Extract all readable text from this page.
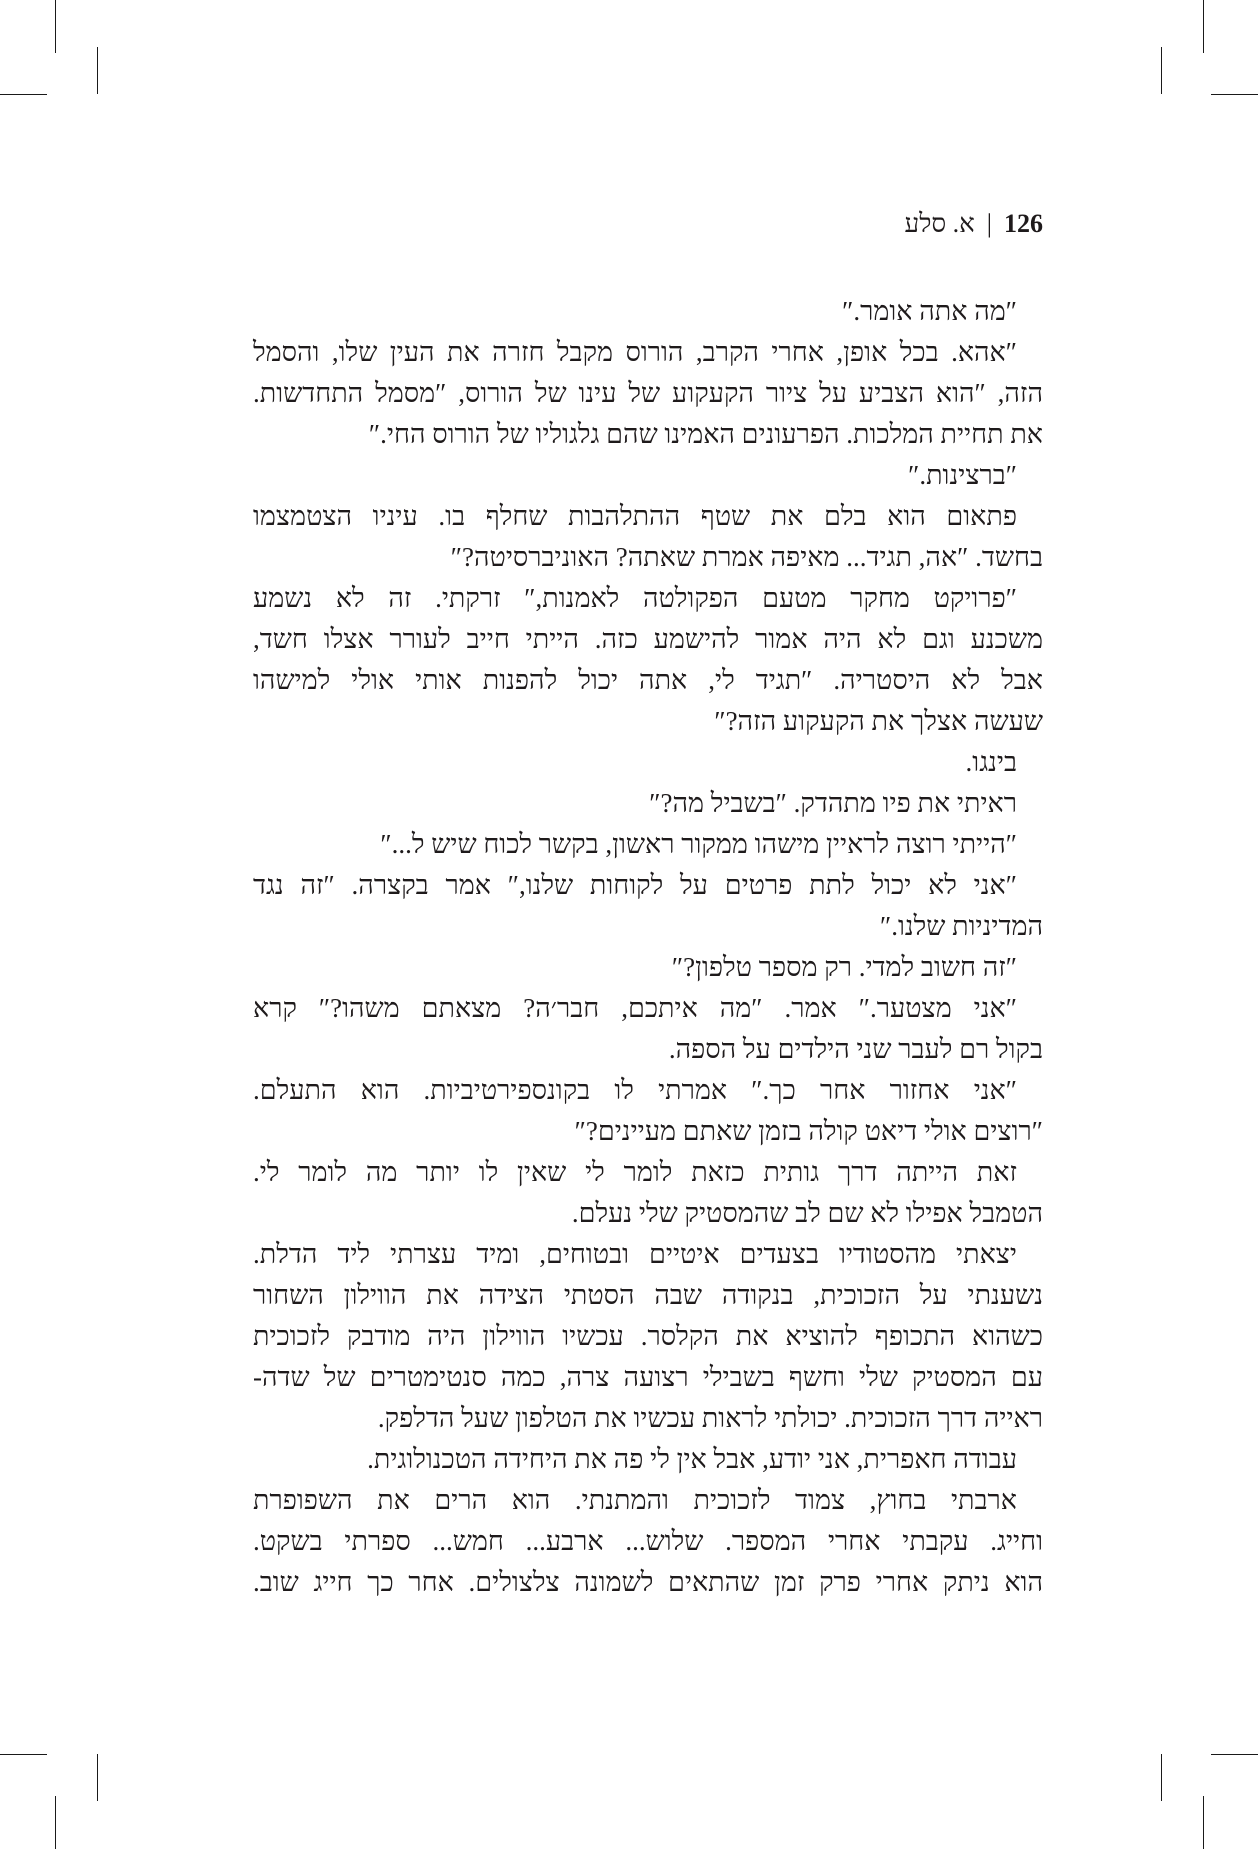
126
|
א. סלע
″מה אתה אומר.″
″אהא. בכל אופן, אחרי הקרב, הורוס מקבל חזרה את העין שלו, והסמל
הזה, ″הוא הצביע על ציור הקעקוע של עינו של הורוס, ″מסמל התחדשות.
את תחיית המלכות. הפרעונים האמינו שהם גלגוליו של הורוס החי.″
″ברצינות.″
פתאום הוא בלם את שטף ההתלהבות שחלף בו. עיניו הצטמצמו
בחשד. ″אה, תגיד... מאיפה אמרת שאתה? האוניברסיטה?″
″פרויקט מחקר מטעם הפקולטה לאמנות,″ זרקתי. זה לא נשמע
משכנע וגם לא היה אמור להישמע כזה. הייתי חייב לעורר אצלו חשד,
אבל לא היסטריה. ″תגיד לי, אתה יכול להפנות אותי אולי למישהו
שעשה אצלך את הקעקוע הזה?″
בינגו.
ראיתי את פיו מתהדק. ″בשביל מה?″
″הייתי רוצה לראיין מישהו ממקור ראשון, בקשר לכוח שיש ל...″
″אני לא יכול לתת פרטים על לקוחות שלנו,″ אמר בקצרה. ″זה נגד
המדיניות שלנו.″
″זה חשוב למדי. רק מספר טלפון?″
″אני מצטער.″ אמר. ″מה איתכם, חבר׳ה? מצאתם משהו?″ קרא
בקול רם לעבר שני הילדים על הספה.
″אני אחזור אחר כך.″ אמרתי לו בקונספירטיביות. הוא התעלם.
″רוצים אולי דיאט קולה בזמן שאתם מעיינים?″
זאת הייתה דרך גותית כזאת לומר לי שאין לו יותר מה לומר לי.
הטמבל אפילו לא שם לב שהמסטיק שלי נעלם.
יצאתי מהסטודיו בצעדים איטיים ובטוחים, ומיד עצרתי ליד הדלת.
נשענתי על הזכוכית, בנקודה שבה הסטתי הצידה את הווילון השחור
כשהוא התכופף להוציא את הקלסר. עכשיו הווילון היה מודבק לזכוכית
עם המסטיק שלי וחשף בשבילי רצועה צרה, כמה סנטימטרים של שדה-
ראייה דרך הזכוכית. יכולתי לראות עכשיו את הטלפון שעל הדלפק.
עבודה חאפרית, אני יודע, אבל אין לי פה את היחידה הטכנולוגית.
ארבתי בחוץ, צמוד לזכוכית והמתנתי. הוא הרים את השפופרת
וחייג. עקבתי אחרי המספר. שלוש... ארבע... חמש... ספרתי בשקט.
הוא ניתק אחרי פרק זמן שהתאים לשמונה צלצולים. אחר כך חייג שוב.
